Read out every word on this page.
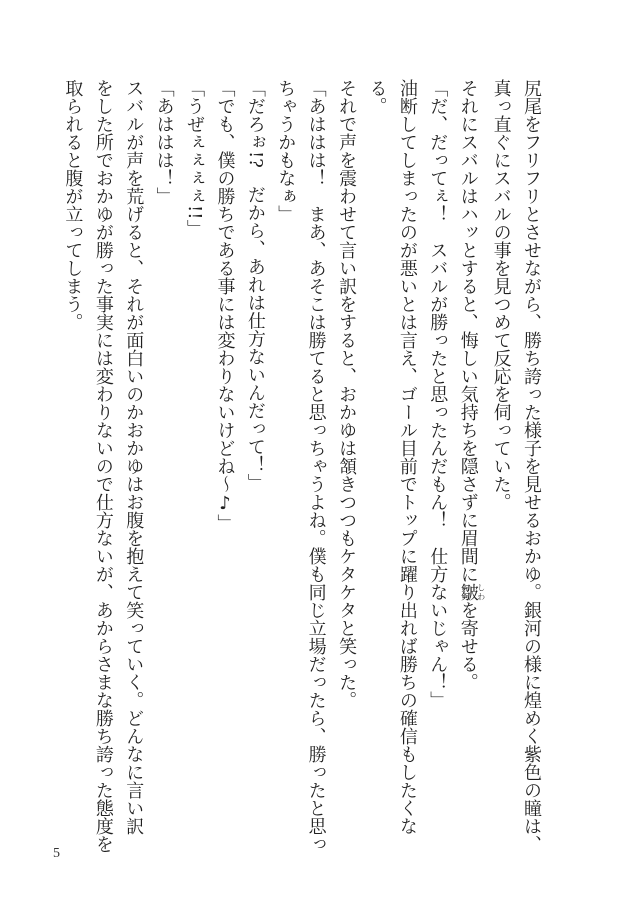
尻尾をフリフリとさせながら、勝ち誇った様子を見せるおかゆ。銀河の様に煌めく紫色の瞳は、
真っ直ぐにスバルの事を見つめて反応を伺っていた。
それにスバルはハッとすると、悔しい気持ちを隠さずに眉間に皺しわを寄せる。
「だ、だってぇ！　スバルが勝ったと思ったんだもん！　仕方ないじゃん！」
油断してしまったのが悪いとは言え、ゴール目前でトップに躍り出れば勝ちの確信もしたくな
る。
それで声を震わせて言い訳をすると、おかゆは頷きつつもケタケタと笑った。
「あははは！　まあ、あそこは勝てると思っちゃうよね。僕も同じ立場だったら、勝ったと思っ
ちゃうかもなぁ」
「だろぉ!?　だから、あれは仕方ないんだって！」
「でも、僕の勝ちである事には変わりないけどね～♪」
「うぜぇぇぇぇ!!」
「あははは！」
スバルが声を荒げると、それが面白いのかおかゆはお腹を抱えて笑っていく。どんなに言い訳
をした所でおかゆが勝った事実には変わりないので仕方ないが、あからさまな勝ち誇った態度を
取られると腹が立ってしまう。
5
